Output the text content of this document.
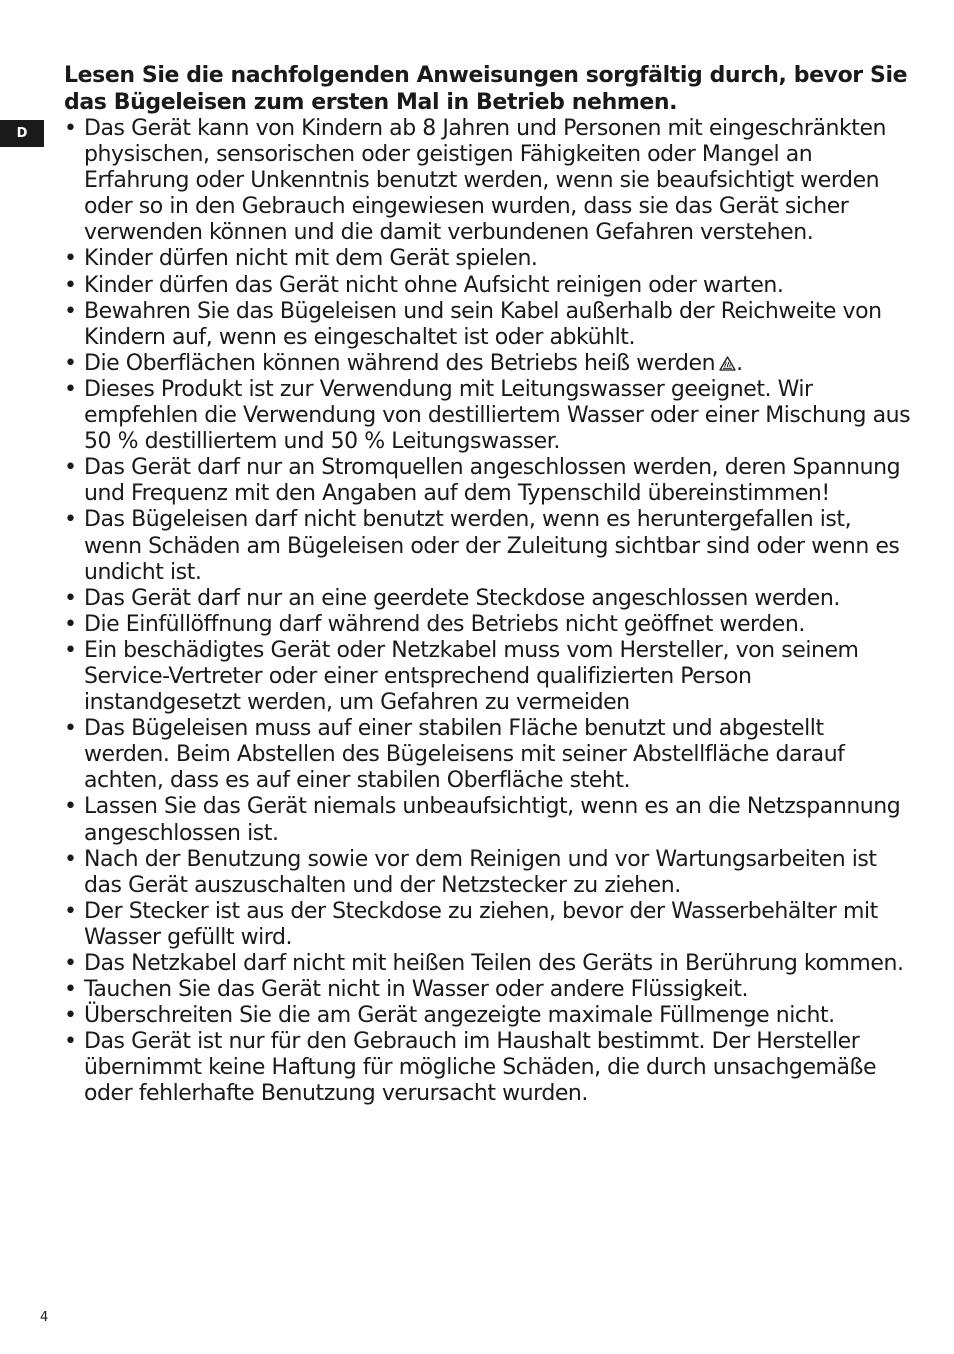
D

Lesen Sie die nachfolgenden Anweisungen sorgfältig durch, bevor Sie das Bügeleisen zum ersten Mal in Betrieb nehmen.

• Das Gerät kann von Kindern ab 8 Jahren und Personen mit eingeschränkten physischen, sensorischen oder geistigen Fähigkeiten oder Mangel an Erfahrung oder Unkenntnis benutzt werden, wenn sie beaufsichtigt werden oder so in den Gebrauch eingewiesen wurden, dass sie das Gerät sicher verwenden können und die damit verbundenen Gefahren verstehen.
• Kinder dürfen nicht mit dem Gerät spielen.
• Kinder dürfen das Gerät nicht ohne Aufsicht reinigen oder warten.
• Bewahren Sie das Bügeleisen und sein Kabel außerhalb der Reichweite von Kindern auf, wenn es eingeschaltet ist oder abkühlt.
• Die Oberflächen können während des Betriebs heiß werden .
• Dieses Produkt ist zur Verwendung mit Leitungswasser geeignet. Wir empfehlen die Verwendung von destilliertem Wasser oder einer Mischung aus 50 % destilliertem und 50 % Leitungswasser.
• Das Gerät darf nur an Stromquellen angeschlossen werden, deren Spannung und Frequenz mit den Angaben auf dem Typenschild übereinstimmen!
• Das Bügeleisen darf nicht benutzt werden, wenn es heruntergefallen ist, wenn Schäden am Bügeleisen oder der Zuleitung sichtbar sind oder wenn es undicht ist.
• Das Gerät darf nur an eine geerdete Steckdose angeschlossen werden.
• Die Einfüllöffnung darf während des Betriebs nicht geöffnet werden.
• Ein beschädigtes Gerät oder Netzkabel muss vom Hersteller, von seinem Service-Vertreter oder einer entsprechend qualifizierten Person instandgesetzt werden, um Gefahren zu vermeiden
• Das Bügeleisen muss auf einer stabilen Fläche benutzt und abgestellt werden. Beim Abstellen des Bügeleisens mit seiner Abstellfläche darauf achten, dass es auf einer stabilen Oberfläche steht.
• Lassen Sie das Gerät niemals unbeaufsichtigt, wenn es an die Netzspannung angeschlossen ist.
• Nach der Benutzung sowie vor dem Reinigen und vor Wartungsarbeiten ist das Gerät auszuschalten und der Netzstecker zu ziehen.
• Der Stecker ist aus der Steckdose zu ziehen, bevor der Wasserbehälter mit Wasser gefüllt wird.
• Das Netzkabel darf nicht mit heißen Teilen des Geräts in Berührung kommen.
• Tauchen Sie das Gerät nicht in Wasser oder andere Flüssigkeit.
• Überschreiten Sie die am Gerät angezeigte maximale Füllmenge nicht.
• Das Gerät ist nur für den Gebrauch im Haushalt bestimmt. Der Hersteller übernimmt keine Haftung für mögliche Schäden, die durch unsachgemäße oder fehlerhafte Benutzung verursacht wurden.
4
